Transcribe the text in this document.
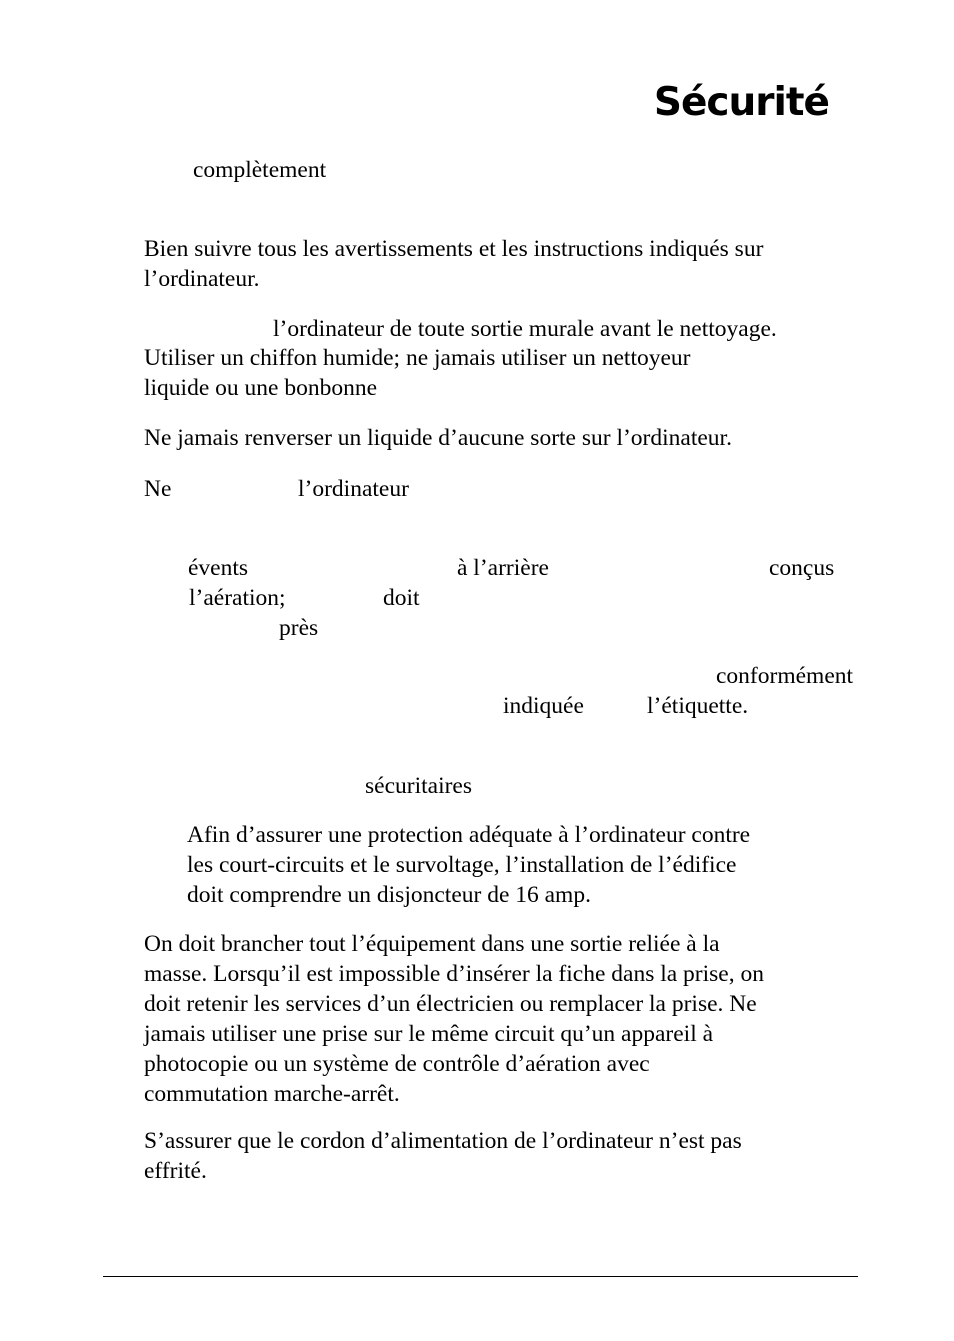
Sécurité
complètement
Bien suivre tous les avertissements et les instructions indiqués sur
l’ordinateur.
l’ordinateur de toute sortie murale avant le nettoyage.
Utiliser un chiffon humide; ne jamais utiliser un nettoyeur
liquide ou une bonbonne
Ne jamais renverser un liquide d’aucune sorte sur l’ordinateur.
Ne	l’ordinateur
évents	à l’arrière	conçus
l’aération;	doit
près
conformément
indiquée	l’étiquette.
sécuritaires
Afin d’assurer une protection adéquate à l’ordinateur contre
les court-circuits et le survoltage, l’installation de l’édifice
doit comprendre un disjoncteur de 16 amp.
On doit brancher tout l’équipement dans une sortie reliée à la
masse. Lorsqu’il est impossible d’insérer la fiche dans la prise, on
doit retenir les services d’un électricien ou remplacer la prise. Ne
jamais utiliser une prise sur le même circuit qu’un appareil à
photocopie ou un système de contrôle d’aération avec
commutation marche-arrêt.
S’assurer que le cordon d’alimentation de l’ordinateur n’est pas
effrité.
